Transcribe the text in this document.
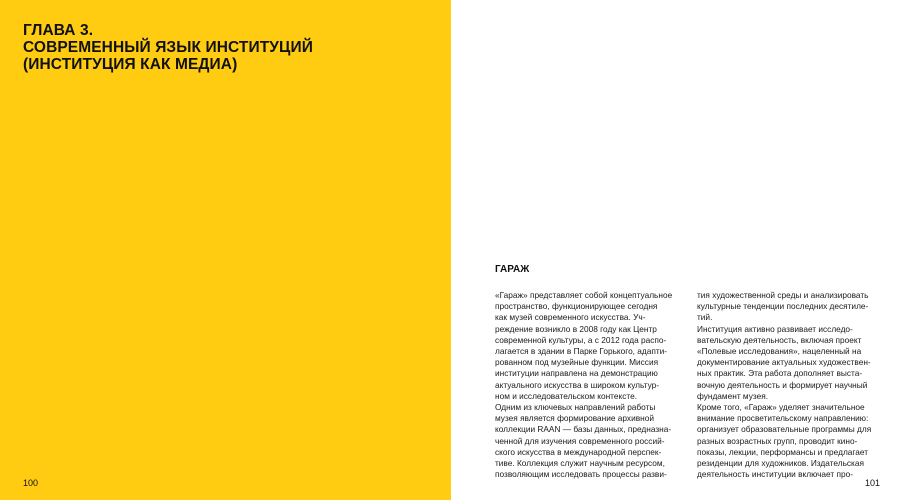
ГЛАВА 3.
СОВРЕМЕННЫЙ ЯЗЫК ИНСТИТУЦИЙ
(ИНСТИТУЦИЯ КАК МЕДИА)
100
ГАРАЖ
«Гараж» представляет собой концептуальное
пространство, функционирующее сегодня
как музей современного искусства. Уч-
реждение возникло в 2008 году как Центр
современной культуры, а с 2012 года распо-
лагается в здании в Парке Горького, адапти-
рованном под музейные функции. Миссия
институции направлена на демонстрацию
актуального искусства в широком культур-
ном и исследовательском контексте.
Одним из ключевых направлений работы
музея является формирование архивной
коллекции RAAN — базы данных, предназна-
ченной для изучения современного россий-
ского искусства в международной перспек-
тиве. Коллекция служит научным ресурсом,
позволяющим исследовать процессы разви-
тия художественной среды и анализировать
культурные тенденции последних десятиле-
тий.
Институция активно развивает исследо-
вательскую деятельность, включая проект
«Полевые исследования», нацеленный на
документирование актуальных художествен-
ных практик. Эта работа дополняет выста-
вочную деятельность и формирует научный
фундамент музея.
Кроме того, «Гараж» уделяет значительное
внимание просветительскому направлению:
организует образовательные программы для
разных возрастных групп, проводит кино-
показы, лекции, перформансы и предлагает
резиденции для художников. Издательская
деятельность институции включает про-
101
